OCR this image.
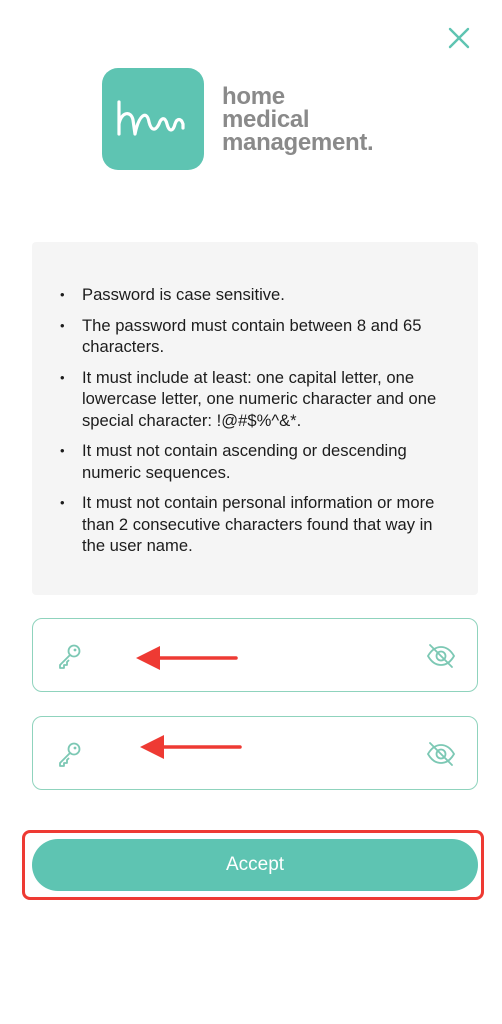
home
medical
management.
• Password is case sensitive.
• The password must contain between 8 and 65 characters.
• It must include at least: one capital letter, one lowercase letter, one numeric character and one special character: !@#$%^&*.
• It must not contain ascending or descending numeric sequences.
• It must not contain personal information or more than 2 consecutive characters found that way in the user name.
Accept
